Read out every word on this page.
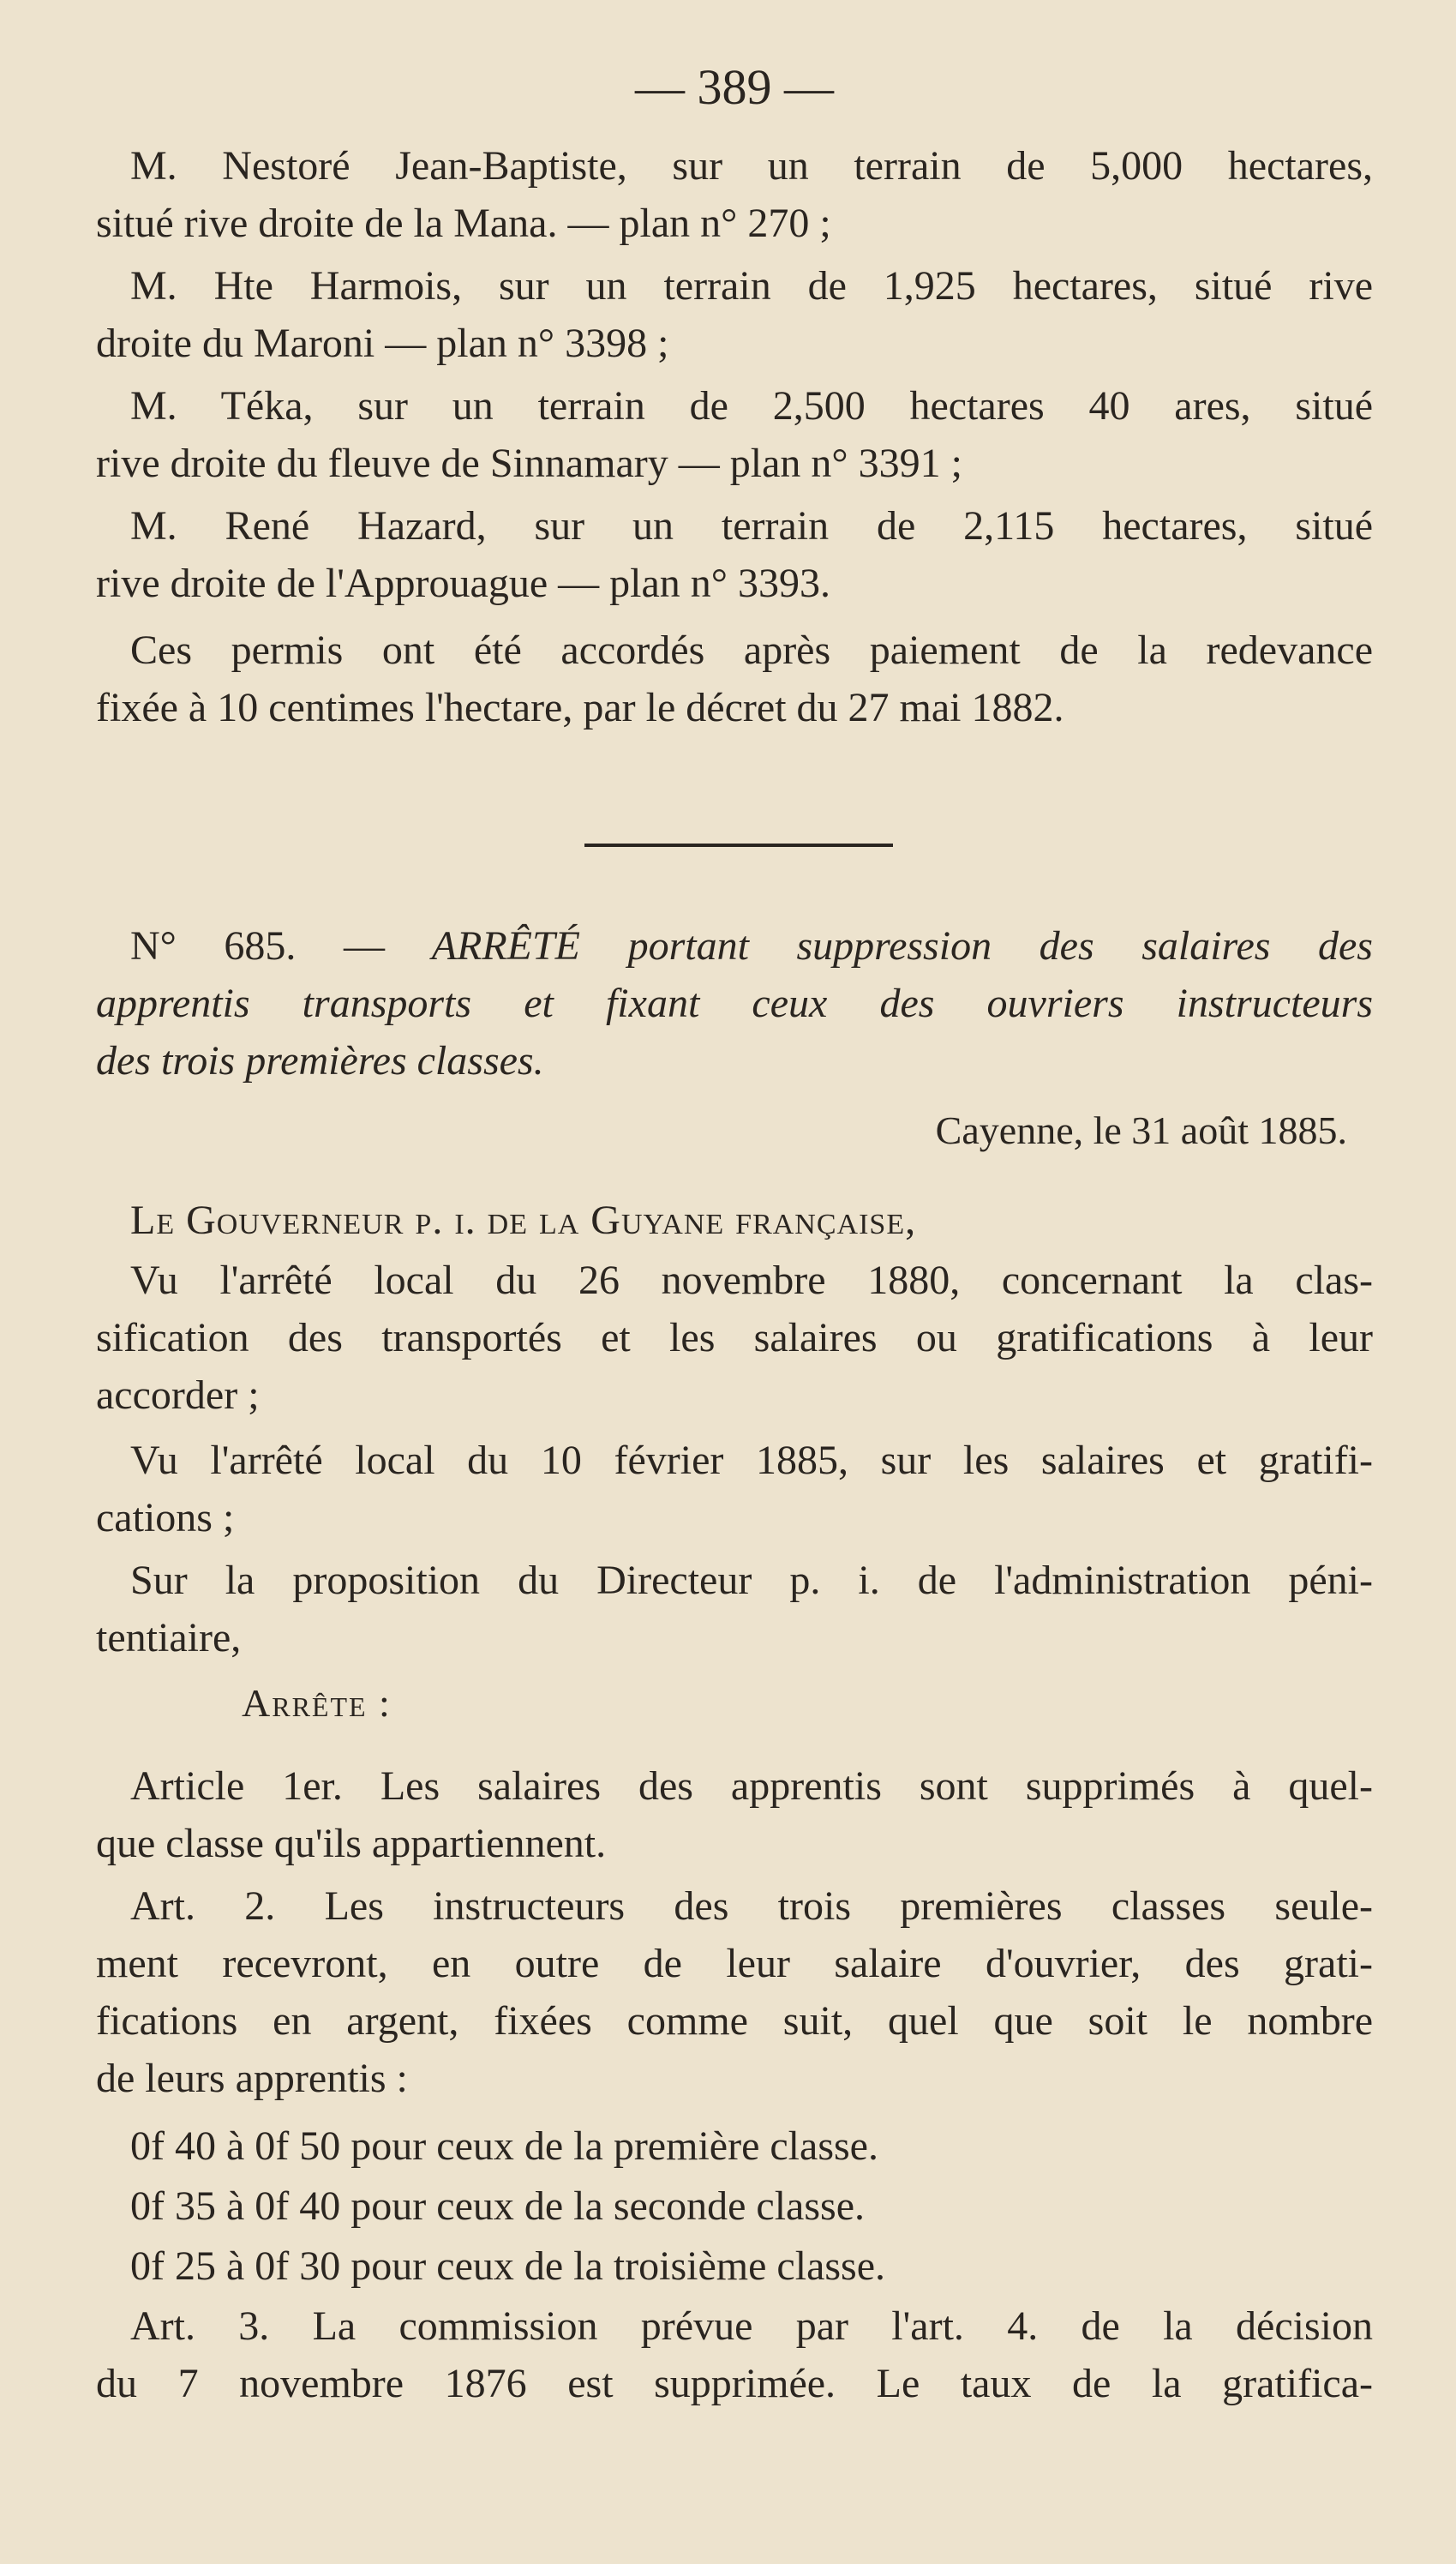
— 389 —

M. Nestoré Jean-Baptiste, sur un terrain de 5,000 hectares,
situé rive droite de la Mana. — plan n° 270 ;

M. Hte Harmois, sur un terrain de 1,925 hectares, situé rive
droite du Maroni — plan n° 3398 ;

M. Téka, sur un terrain de 2,500 hectares 40 ares, situé
rive droite du fleuve de Sinnamary — plan n° 3391 ;

M. René Hazard, sur un terrain de 2,115 hectares, situé
rive droite de l'Approuague — plan n° 3393.

Ces permis ont été accordés après paiement de la redevance
fixée à 10 centimes l'hectare, par le décret du 27 mai 1882.

N° 685. — ARRÊTÉ portant suppression des salaires des
apprentis transports et fixant ceux des ouvriers instructeurs
des trois premières classes.

Cayenne, le 31 août 1885.

Le Gouverneur p. i. de la Guyane française,

Vu l'arrêté local du 26 novembre 1880, concernant la clas-
sification des transportés et les salaires ou gratifications à leur
accorder ;

Vu l'arrêté local du 10 février 1885, sur les salaires et gratifi-
cations ;

Sur la proposition du Directeur p. i. de l'administration péni-
tentiaire,

Arrête :

Article 1er. Les salaires des apprentis sont supprimés à quel-
que classe qu'ils appartiennent.

Art. 2. Les instructeurs des trois premières classes seule-
ment recevront, en outre de leur salaire d'ouvrier, des grati-
fications en argent, fixées comme suit, quel que soit le nombre
de leurs apprentis :

0f 40 à 0f 50 pour ceux de la première classe.

0f 35 à 0f 40 pour ceux de la seconde classe.

0f 25 à 0f 30 pour ceux de la troisième classe.

Art. 3. La commission prévue par l'art. 4. de la décision
du 7 novembre 1876 est supprimée. Le taux de la gratifica-
